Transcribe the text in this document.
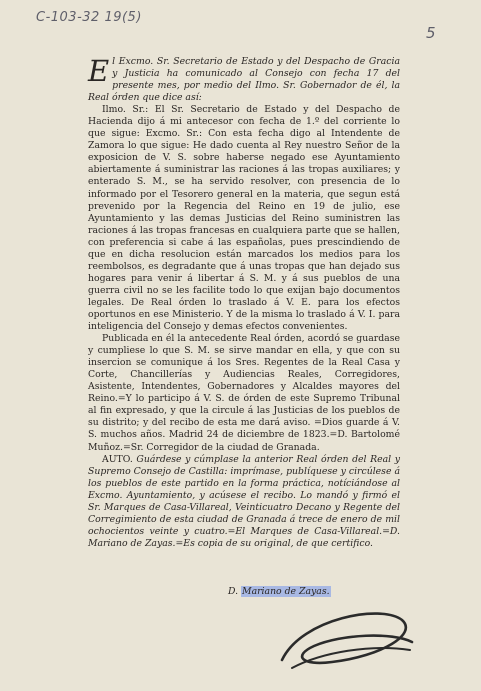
C-103-32 19(5)
5

El Excmo. Sr. Secretario de Estado y del Despacho de Gracia y Justicia ha comunicado al Consejo con fecha 17 del presente mes, por medio del Ilmo. Sr. Gobernador de él, la Real órden que dice así:

Ilmo. Sr.: El Sr. Secretario de Estado y del Despacho de Hacienda dijo á mi antecesor con fecha de 1.º del corriente lo que sigue: Excmo. Sr.: Con esta fecha digo al Intendente de Zamora lo que sigue: He dado cuenta al Rey nuestro Señor de la exposicion de V. S. sobre haberse negado ese Ayuntamiento abiertamente á suministrar las raciones á las tropas auxiliares; y enterado S. M., se ha servido resolver, con presencia de lo informado por el Tesorero general en la materia, que segun está prevenido por la Regencia del Reino en 19 de julio, ese Ayuntamiento y las demas Justicias del Reino suministren las raciones á las tropas francesas en cualquiera parte que se hallen, con preferencia si cabe á las españolas, pues prescindiendo de que en dicha resolucion están marcados los medios para los reembolsos, es degradante que á unas tropas que han dejado sus hogares para venir á libertar á S. M. y á sus pueblos de una guerra civil no se les facilite todo lo que exijan bajo documentos legales. De Real órden lo traslado á V. E. para los efectos oportunos en ese Ministerio. Y de la misma lo traslado á V. I. para inteligencia del Consejo y demas efectos convenientes.

Publicada en él la antecedente Real órden, acordó se guardase y cumpliese lo que S. M. se sirve mandar en ella, y que con su insercion se comunique á los Sres. Regentes de la Real Casa y Corte, Chancillerías y Audiencias Reales, Corregidores, Asistente, Intendentes, Gobernadores y Alcaldes mayores del Reino.=Y lo participo á V. S. de órden de este Supremo Tribunal al fin expresado, y que la circule á las Justicias de los pueblos de su distrito; y del recibo de esta me dará aviso. =Dios guarde á V. S. muchos años. Madrid 24 de diciembre de 1823.=D. Bartolomé Muñoz.=Sr. Corregidor de la ciudad de Granada.

AUTO. Guárdese y cúmplase la anterior Real órden del Real y Supremo Consejo de Castilla: imprímase, publíquese y circúlese á los pueblos de este partido en la forma práctica, notíciándose al Excmo. Ayuntamiento, y acúsese el recibo. Lo mandó y firmó el Sr. Marques de Casa-Villareal, Veinticuatro Decano y Regente del Corregimiento de esta ciudad de Granada á trece de enero de mil ochocientos veinte y cuatro.=El Marques de Casa-Villareal.=D. Mariano de Zayas.=Es copia de su original, de que certifico.

D. Mariano de Zayas.
